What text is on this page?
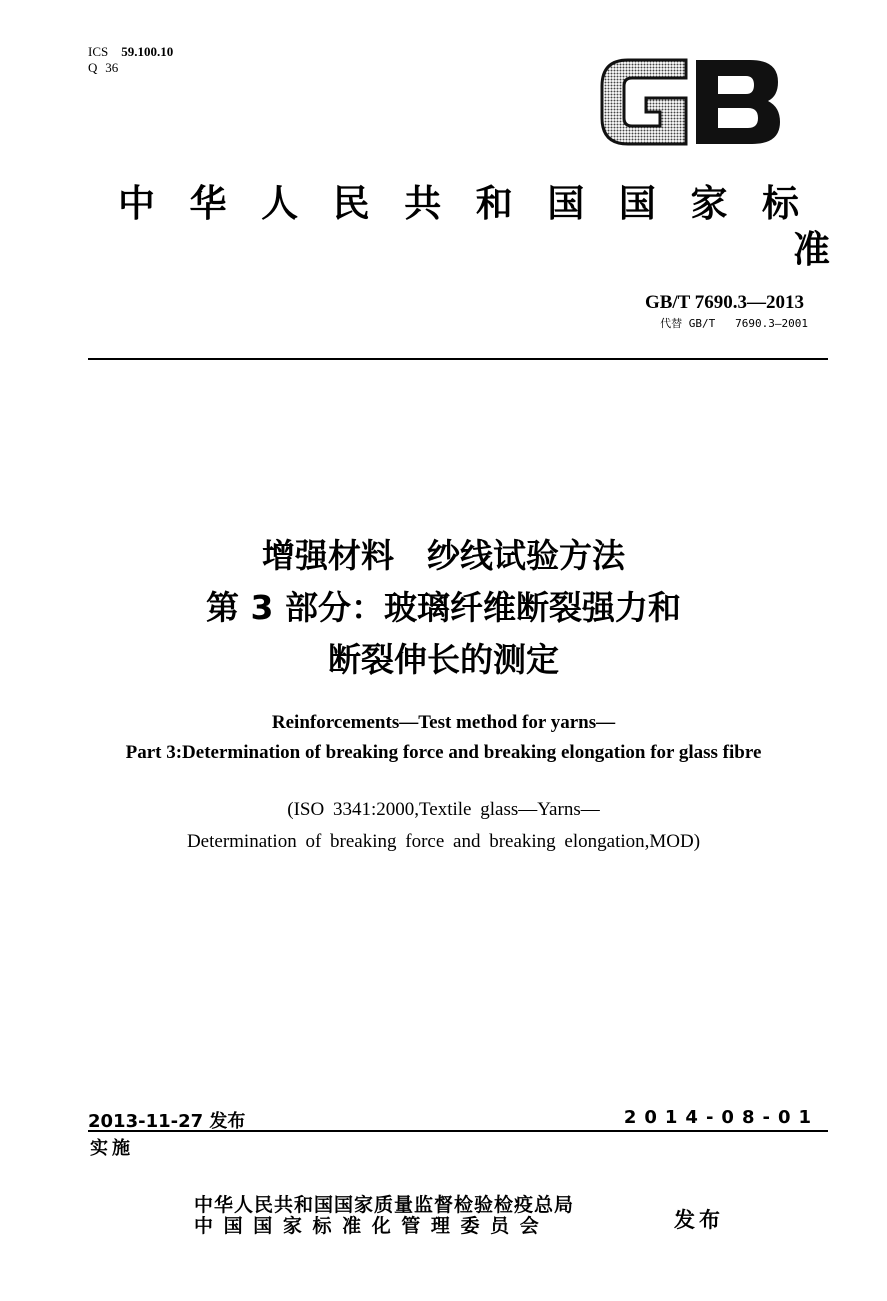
ICS 59.100.10
Q 36
中华人民共和国国家标
准
GB/T 7690.3—2013
代替 GB/T   7690.3—2001
增强材料　纱线试验方法
第 3 部分：玻璃纤维断裂强力和
断裂伸长的测定
Reinforcements—Test method for yarns—
Part 3:Determination of breaking force and breaking elongation for glass fibre
(ISO 3341:2000,Textile glass—Yarns—
Determination of breaking force and breaking elongation,MOD)
2013-11-27 发布	2014-08-01
实施
中华人民共和国国家质量监督检验检疫总局
中 国 国 家 标 准 化 管 理 委 员 会	发布
